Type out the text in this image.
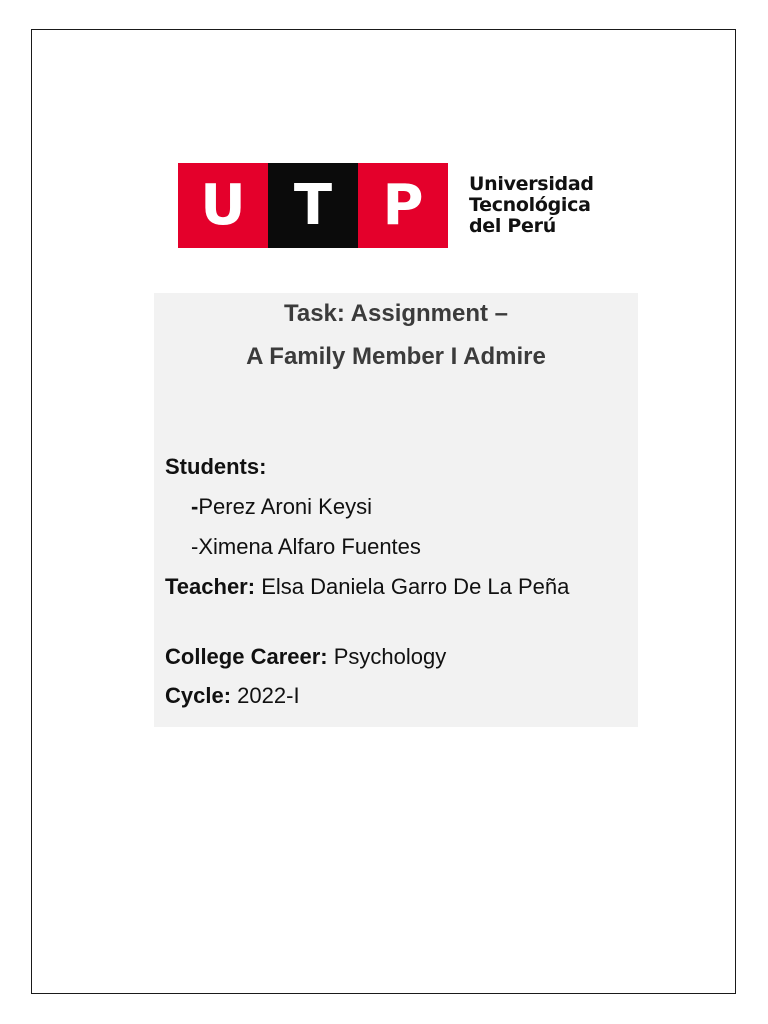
U T P	Universidad
Tecnológica
del Perú
Task: Assignment –
A Family Member I Admire
Students:
-Perez Aroni Keysi
-Ximena Alfaro Fuentes
Teacher: Elsa Daniela Garro De La Peña
College Career: Psychology
Cycle: 2022-I
